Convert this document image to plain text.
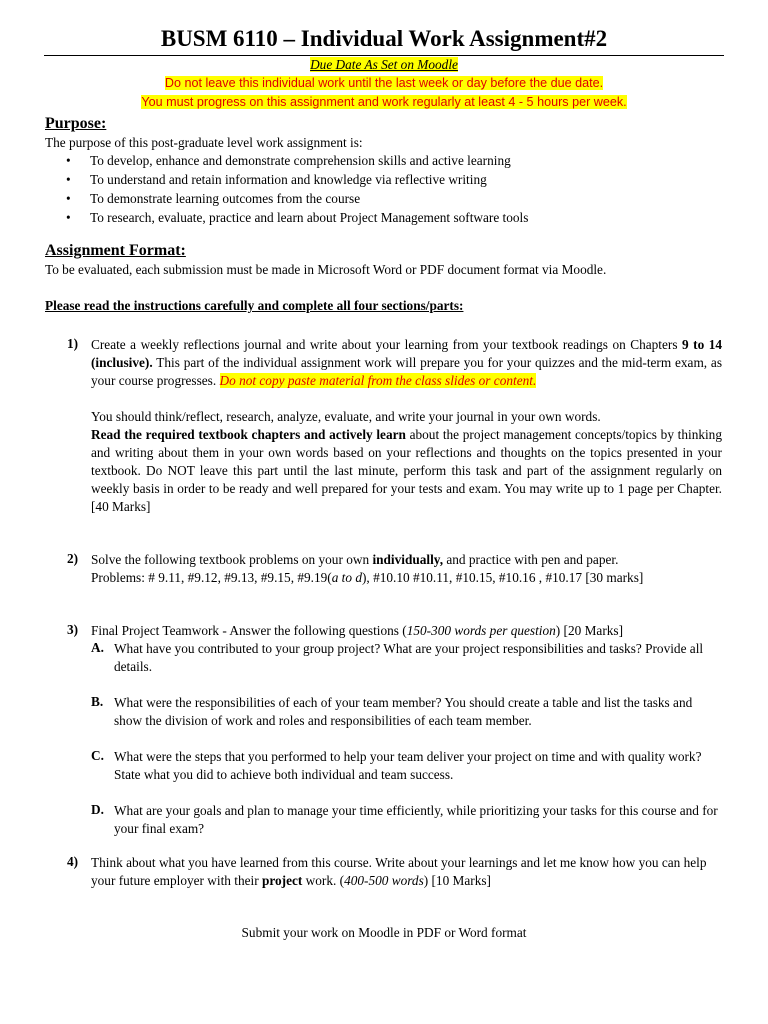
BUSM 6110 – Individual Work Assignment#2
Due Date As Set on Moodle
Do not leave this individual work until the last week or day before the due date.
You must progress on this assignment and work regularly at least 4 - 5 hours per week.
Purpose:
The purpose of this post-graduate level work assignment is:
• To develop, enhance and demonstrate comprehension skills and active learning
• To understand and retain information and knowledge via reflective writing
• To demonstrate learning outcomes from the course
• To research, evaluate, practice and learn about Project Management software tools
Assignment Format:
To be evaluated, each submission must be made in Microsoft Word or PDF document format via Moodle.
Please read the instructions carefully and complete all four sections/parts:
1) Create a weekly reflections journal and write about your learning from your textbook readings on Chapters 9 to 14 (inclusive). This part of the individual assignment work will prepare you for your quizzes and the mid-term exam, as your course progresses. Do not copy paste material from the class slides or content.
You should think/reflect, research, analyze, evaluate, and write your journal in your own words.
Read the required textbook chapters and actively learn about the project management concepts/topics by thinking and writing about them in your own words based on your reflections and thoughts on the topics presented in your textbook. Do NOT leave this part until the last minute, perform this task and part of the assignment regularly on weekly basis in order to be ready and well prepared for your tests and exam. You may write up to 1 page per Chapter. [40 Marks]
2) Solve the following textbook problems on your own individually, and practice with pen and paper.
Problems: # 9.11, #9.12, #9.13, #9.15, #9.19(a to d), #10.10 #10.11, #10.15, #10.16 , #10.17 [30 marks]
3) Final Project Teamwork - Answer the following questions (150-300 words per question) [20 Marks]
A. What have you contributed to your group project? What are your project responsibilities and tasks? Provide all details.
B. What were the responsibilities of each of your team member? You should create a table and list the tasks and show the division of work and roles and responsibilities of each team member.
C. What were the steps that you performed to help your team deliver your project on time and with quality work? State what you did to achieve both individual and team success.
D. What are your goals and plan to manage your time efficiently, while prioritizing your tasks for this course and for your final exam?
4) Think about what you have learned from this course. Write about your learnings and let me know how you can help your future employer with their project work. (400-500 words) [10 Marks]
Submit your work on Moodle in PDF or Word format
